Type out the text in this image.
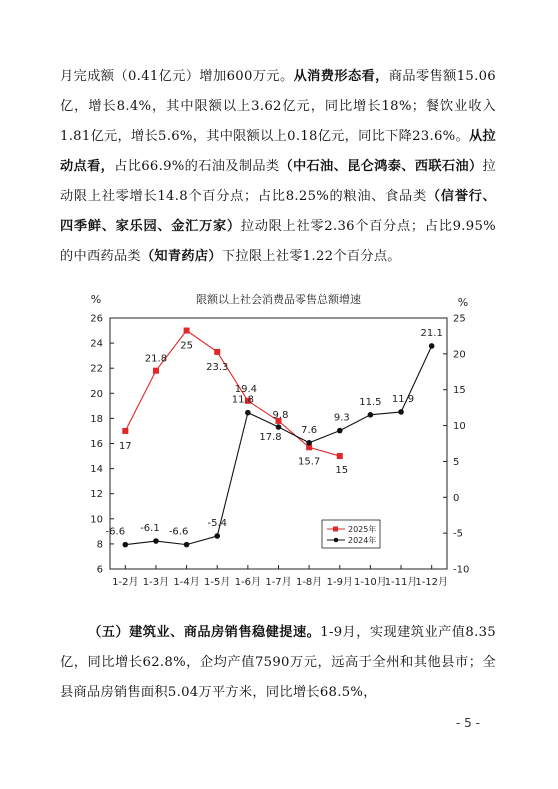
月完成额（0.41亿元）增加600万元。从消费形态看，商品零售额15.06亿，增长8.4%，其中限额以上3.62亿元，同比增长18%；餐饮业收入1.81亿元，增长5.6%，其中限额以上0.18亿元，同比下降23.6%。从拉动点看，占比66.9%的石油及制品类（中石油、昆仑鸿泰、西联石油）拉动限上社零增长14.8个百分点；占比8.25%的粮油、食品类（信誉行、四季鲜、家乐园、金汇万家）拉动限上社零2.36个百分点；占比9.95%的中西药品类（知青药店）下拉限上社零1.22个百分点。
限额以上社会消费品零售总额增速
%	%
6
8
10
12
14
16
18
20
22
24
26
-10
-5
0
5
10
15
20
25
1-2月 1-3月 1-4月 1-5月 1-6月 1-7月 1-8月 1-9月 1-10月
1-11月
1-12月
17
21.8
25
23.3
19.4
17.8
15.7
15
-6.6 -6.1 -6.6
-5.4
11.8
9.8
7.6
9.3
11.5 11.9
21.1
2025年
2024年
（五）建筑业、商品房销售稳健提速。1-9月，实现建筑业产值8.35亿，同比增长62.8%，企均产值7590万元，远高于全州和其他县市；全县商品房销售面积5.04万平方米，同比增长68.5%，
- 5 -
